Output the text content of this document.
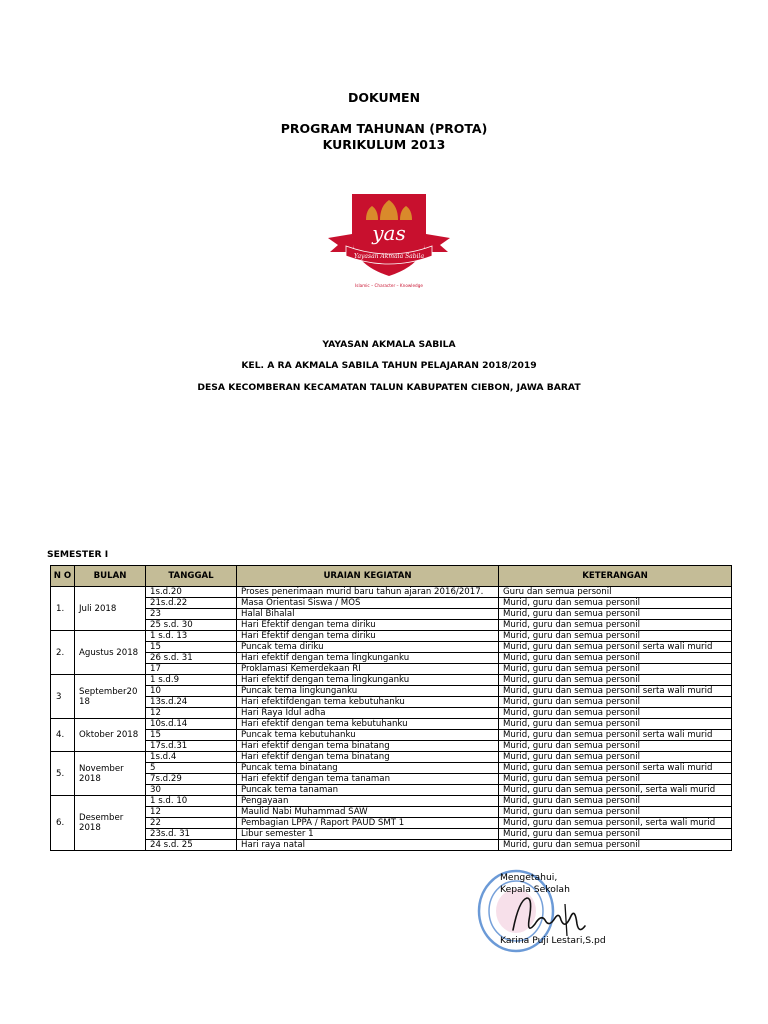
DOKUMEN
PROGRAM TAHUNAN (PROTA)
KURIKULUM 2013
yas
Yayasan Akmala Sabila
Islamic – Character – Knowledge
YAYASAN AKMALA SABILA
KEL. A RA AKMALA SABILA TAHUN PELAJARAN 2018/2019
DESA KECOMBERAN KECAMATAN TALUN KABUPATEN CIEBON, JAWA BARAT
SEMESTER I
N O	BULAN	TANGGAL	URAIAN KEGIATAN	KETERANGAN
1.	Juli 2018	1s.d.20	Proses penerimaan murid baru tahun ajaran 2016/2017.	Guru dan semua personil
		21s.d.22	Masa Orientasi Siswa / MOS	Murid, guru dan semua personil
		23	Halal Bihalal	Murid, guru dan semua personil
		25 s.d. 30	Hari Efektif dengan tema diriku	Murid, guru dan semua personil
2.	Agustus 2018	1 s.d. 13	Hari Efektif dengan tema diriku	Murid, guru dan semua personil
		15	Puncak tema diriku	Murid, guru dan semua personil serta wali murid
		26 s.d. 31	Hari efektif dengan tema lingkunganku	Murid, guru dan semua personil
		17	Proklamasi Kemerdekaan RI	Murid, guru dan semua personil
3	September2018	1 s.d.9	Hari efektif dengan tema lingkunganku	Murid, guru dan semua personil
		10	Puncak tema lingkunganku	Murid, guru dan semua personil serta wali murid
		13s.d.24	Hari efektifdengan tema kebutuhanku	Murid, guru dan semua personil
		12	Hari Raya Idul adha	Murid, guru dan semua personil
4.	Oktober 2018	10s.d.14	Hari efektif dengan tema kebutuhanku	Murid, guru dan semua personil
		15	Puncak tema kebutuhanku	Murid, guru dan semua personil serta wali murid
		17s.d.31	Hari efektif dengan tema binatang	Murid, guru dan semua personil
5.	November 2018	1s.d.4	Hari efektif dengan tema binatang	Murid, guru dan semua personil
		5	Puncak tema binatang	Murid, guru dan semua personil serta wali murid
		7s.d.29	Hari efektif dengan tema tanaman	Murid, guru dan semua personil
		30	Puncak tema tanaman	Murid, guru dan semua personil, serta wali murid
6.	Desember 2018	1 s.d. 10	Pengayaan	Murid, guru dan semua personil
		12	Maulid Nabi Muhammad SAW	Murid, guru dan semua personil
		22	Pembagian LPPA / Raport PAUD SMT 1	Murid, guru dan semua personil, serta wali murid
		23s.d. 31	Libur semester 1	Murid, guru dan semua personil
		24 s.d. 25	Hari raya natal	Murid, guru dan semua personil
Mengetahui,
Kepala Sekolah
Karina Puji Lestari,S.pd
